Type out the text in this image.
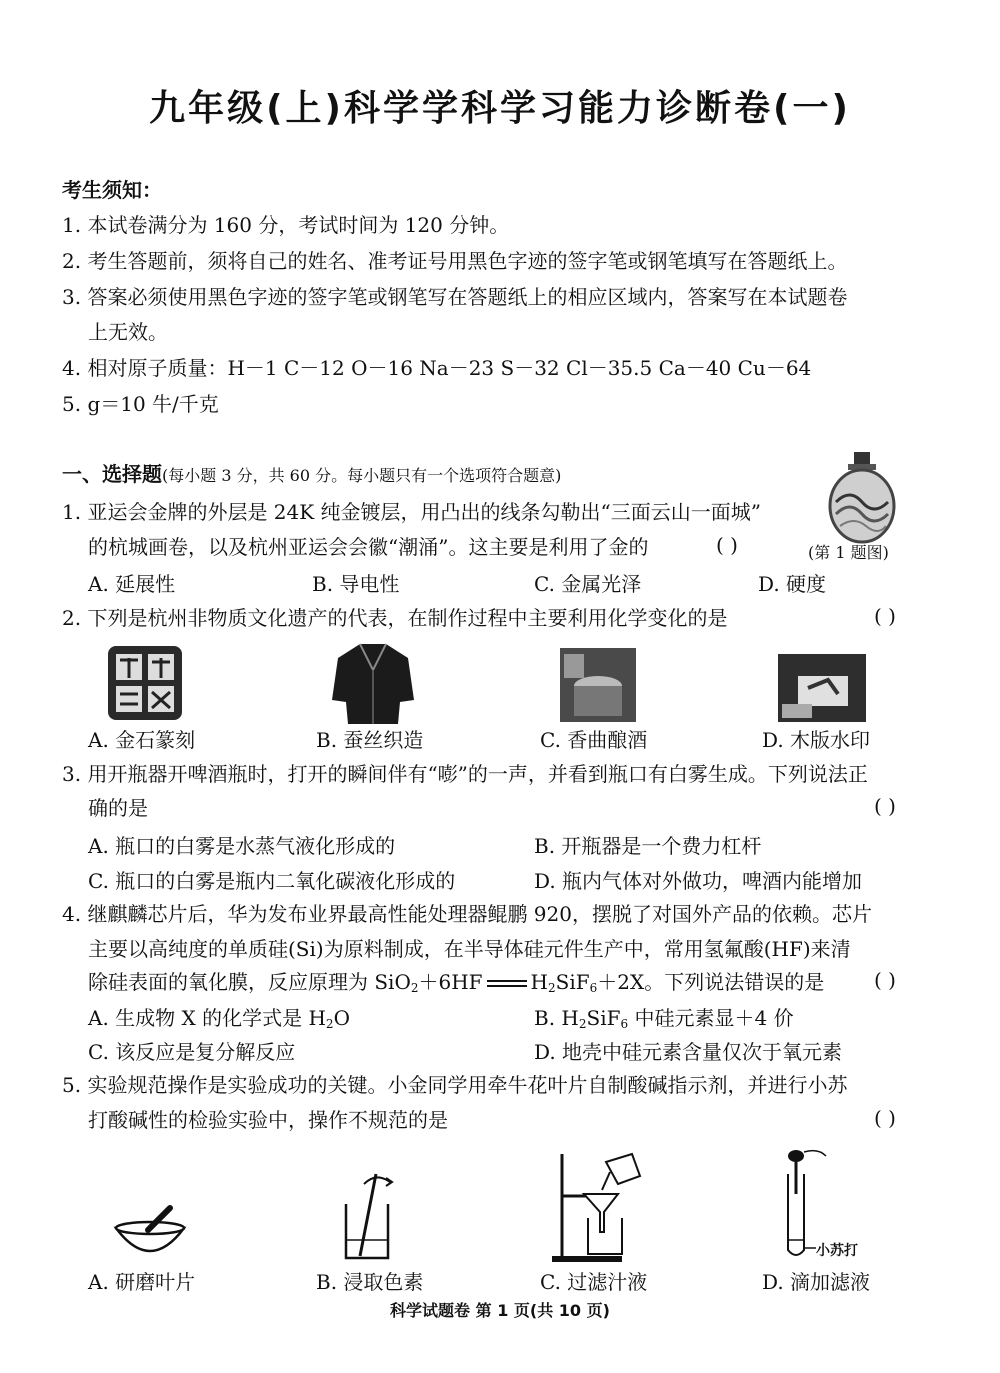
九年级(上)科学学科学习能力诊断卷(一)
考生须知：
1. 本试卷满分为 160 分，考试时间为 120 分钟。
2. 考生答题前，须将自己的姓名、准考证号用黑色字迹的签字笔或钢笔填写在答题纸上。
3. 答案必须使用黑色字迹的签字笔或钢笔写在答题纸上的相应区域内，答案写在本试题卷
上无效。
4. 相对原子质量：H－1 C－12 O－16 Na－23 S－32 Cl－35.5 Ca－40 Cu－64
5. g＝10 牛/千克
一、选择题(每小题 3 分，共 60 分。每小题只有一个选项符合题意)
1. 亚运会金牌的外层是 24K 纯金镀层，用凸出的线条勾勒出“三面云山一面城”
的杭城画卷，以及杭州亚运会会徽“潮涌”。这主要是利用了金的	( )	(第 1 题图)
A. 延展性	B. 导电性	C. 金属光泽	D. 硬度
2. 下列是杭州非物质文化遗产的代表，在制作过程中主要利用化学变化的是	( )
A. 金石篆刻	B. 蚕丝织造	C. 香曲酿酒	D. 木版水印
3. 用开瓶器开啤酒瓶时，打开的瞬间伴有“嘭”的一声，并看到瓶口有白雾生成。下列说法正
确的是	( )
A. 瓶口的白雾是水蒸气液化形成的	B. 开瓶器是一个费力杠杆
C. 瓶口的白雾是瓶内二氧化碳液化形成的	D. 瓶内气体对外做功，啤酒内能增加
4. 继麒麟芯片后，华为发布业界最高性能处理器鲲鹏 920，摆脱了对国外产品的依赖。芯片
主要以高纯度的单质硅(Si)为原料制成，在半导体硅元件生产中，常用氢氟酸(HF)来清
除硅表面的氧化膜，反应原理为 SiO$_2$＋6HF $H_2SiF_6+2X$。下列说法错误的是 ( )
A. 生成物 X 的化学式是 $H_2O$	B. $H_2SiF_6$ 中硅元素显＋4 价
C. 该反应是复分解反应	D. 地壳中硅元素含量仅次于氧元素
5. 实验规范操作是实验成功的关键。小金同学用牵牛花叶片自制酸碱指示剂，并进行小苏
打酸碱性的检验实验中，操作不规范的是	( )
小苏打
A. 研磨叶片	B. 浸取色素	C. 过滤汁液	D. 滴加滤液
科学试题卷 第 1 页(共 10 页)
